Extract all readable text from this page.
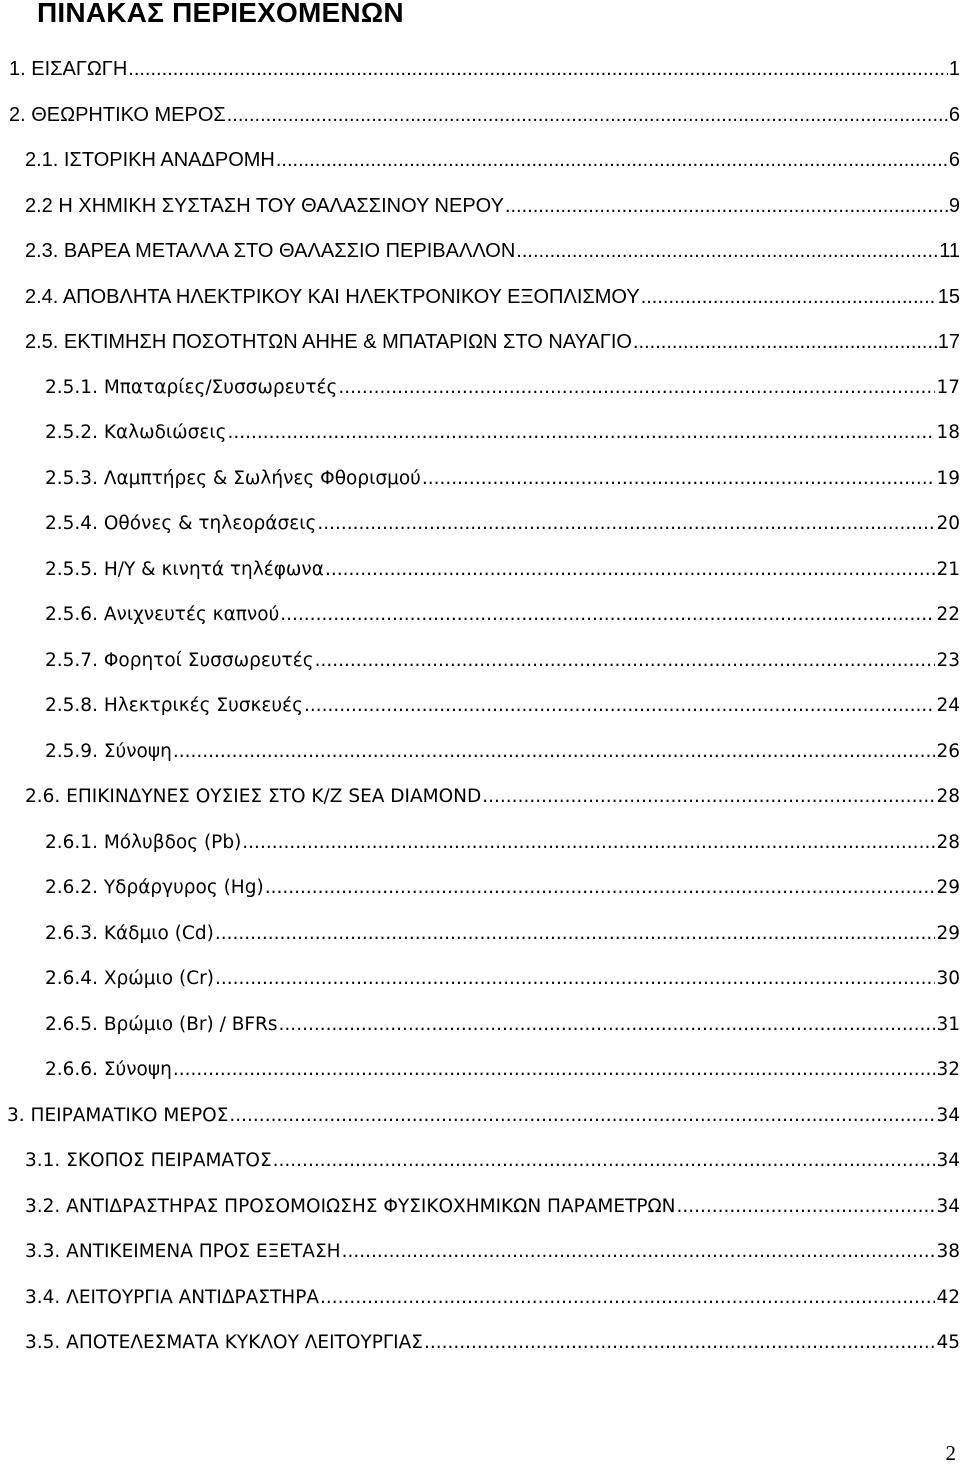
ΠΙΝΑΚΑΣ ΠΕΡΙΕΧΟΜΕΝΩΝ
1. ΕΙΣΑΓΩΓΗ .....	1
2. ΘΕΩΡΗΤΙΚΟ ΜΕΡΟΣ .....	6
2.1. ΙΣΤΟΡΙΚΗ ΑΝΑΔΡΟΜΗ .....	6
2.2 Η ΧΗΜΙΚΗ ΣΥΣΤΑΣΗ ΤΟΥ ΘΑΛΑΣΣΙΝΟΥ ΝΕΡΟΥ .....	9
2.3. ΒΑΡΕΑ ΜΕΤΑΛΛΑ ΣΤΟ ΘΑΛΑΣΣΙΟ ΠΕΡΙΒΑΛΛΟΝ .....	11
2.4. ΑΠΟΒΛΗΤΑ ΗΛΕΚΤΡΙΚΟΥ ΚΑΙ ΗΛΕΚΤΡΟΝΙΚΟΥ ΕΞΟΠΛΙΣΜΟΥ .....	15
2.5. ΕΚΤΙΜΗΣΗ ΠΟΣΟΤΗΤΩΝ ΑΗΗΕ & ΜΠΑΤΑΡΙΩΝ ΣΤΟ ΝΑΥΑΓΙΟ .....	17
2.5.1. Μπαταρίες/Συσσωρευτές .....	17
2.5.2. Καλωδιώσεις .....	18
2.5.3. Λαμπτήρες & Σωλήνες Φθορισμού .....	19
2.5.4. Οθόνες & τηλεοράσεις .....	20
2.5.5. Η/Υ & κινητά τηλέφωνα .....	21
2.5.6. Ανιχνευτές καπνού .....	22
2.5.7. Φορητοί Συσσωρευτές .....	23
2.5.8. Ηλεκτρικές Συσκευές .....	24
2.5.9. Σύνοψη .....	26
2.6. ΕΠΙΚΙΝΔΥΝΕΣ ΟΥΣΙΕΣ ΣΤΟ Κ/Ζ SEA DIAMOND .....	28
2.6.1. Μόλυβδος (Pb) .....	28
2.6.2. Υδράργυρος (Hg) .....	29
2.6.3. Κάδμιο (Cd) .....	29
2.6.4. Χρώμιο (Cr) .....	30
2.6.5. Βρώμιο (Br) / BFRs .....	31
2.6.6. Σύνοψη .....	32
3. ΠΕΙΡΑΜΑΤΙΚΟ ΜΕΡΟΣ .....	34
3.1. ΣΚΟΠΟΣ ΠΕΙΡΑΜΑΤΟΣ .....	34
3.2. ΑΝΤΙΔΡΑΣΤΗΡΑΣ ΠΡΟΣΟΜΟΙΩΣΗΣ ΦΥΣΙΚΟΧΗΜΙΚΩΝ ΠΑΡΑΜΕΤΡΩΝ .....	34
3.3. ΑΝΤΙΚΕΙΜΕΝΑ ΠΡΟΣ ΕΞΕΤΑΣΗ .....	38
3.4. ΛΕΙΤΟΥΡΓΙΑ ΑΝΤΙΔΡΑΣΤΗΡΑ .....	42
3.5. ΑΠΟΤΕΛΕΣΜΑΤΑ ΚΥΚΛΟΥ ΛΕΙΤΟΥΡΓΙΑΣ .....	45
2
